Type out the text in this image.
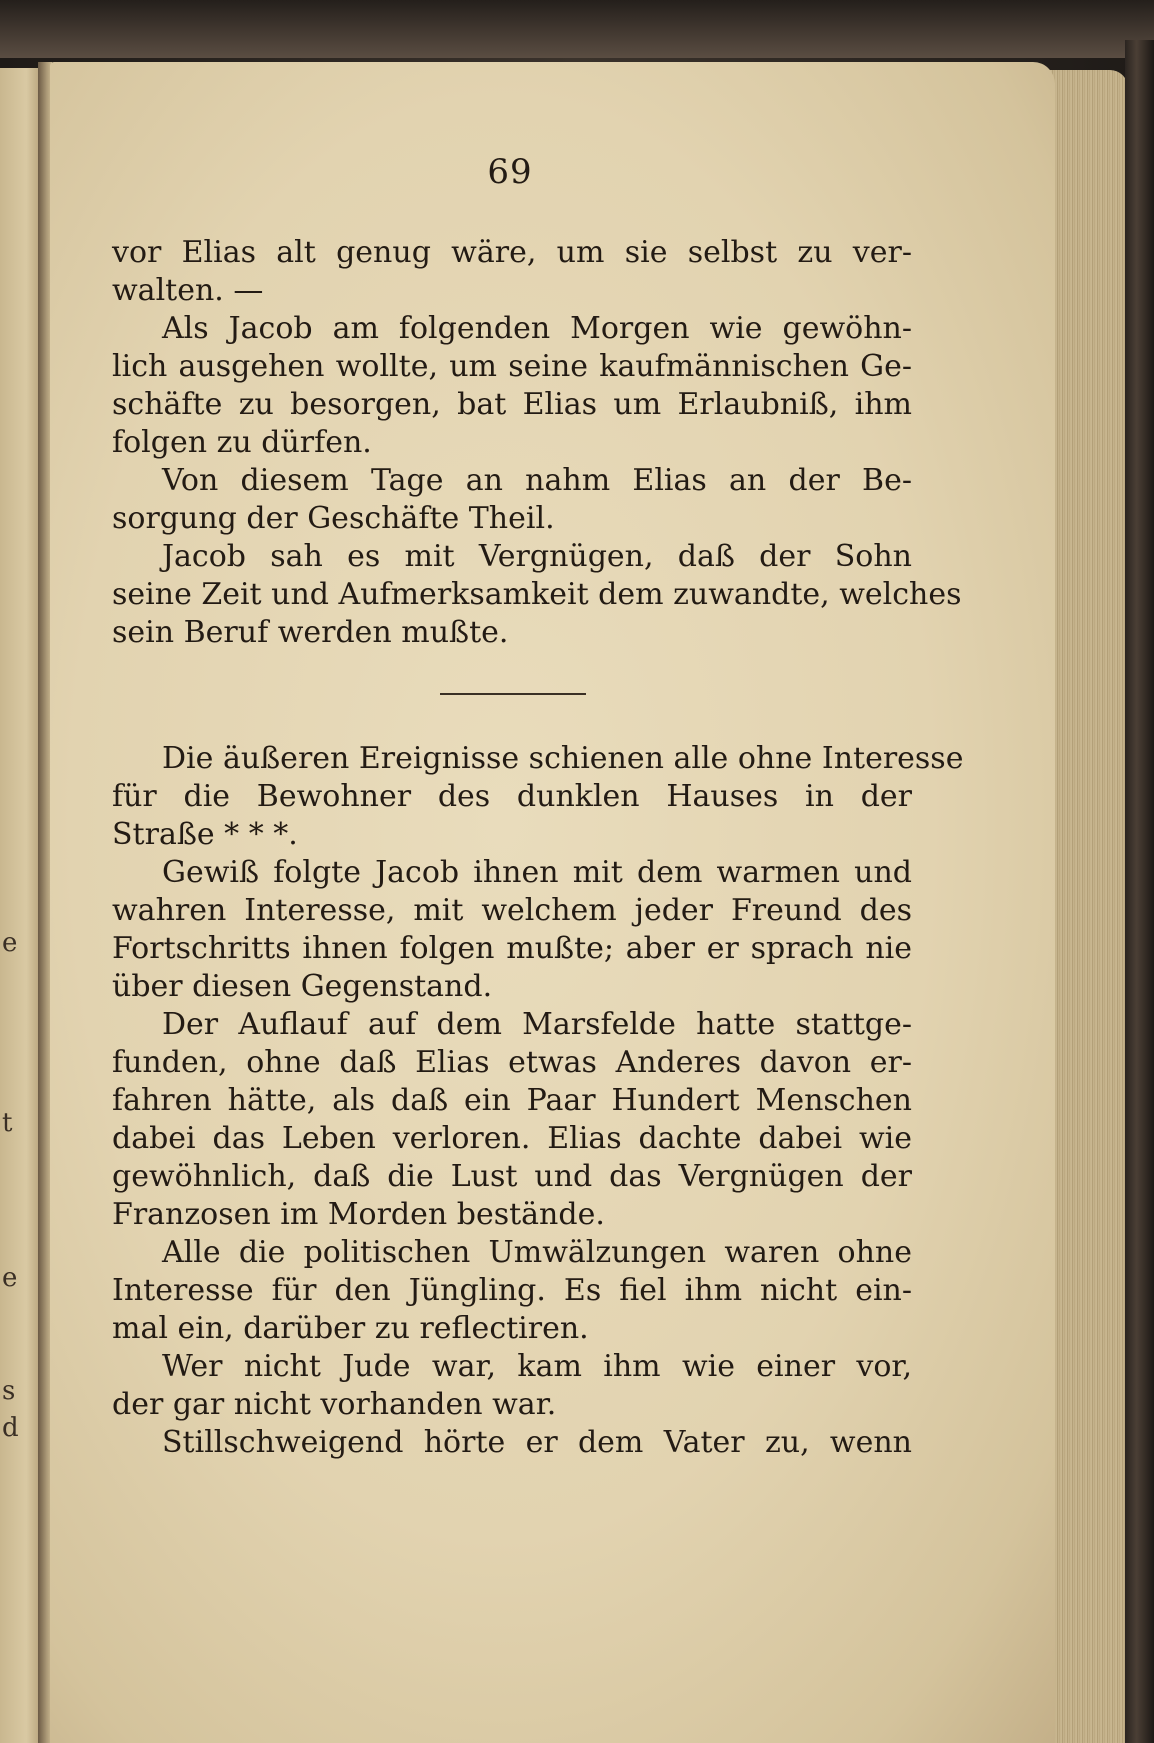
e
t
e
s
d
69
vor Elias alt genug wäre, um sie selbst zu ver-
walten. —
Als Jacob am folgenden Morgen wie gewöhn-
lich ausgehen wollte, um seine kaufmännischen Ge-
schäfte zu besorgen, bat Elias um Erlaubniß, ihm
folgen zu dürfen.
Von diesem Tage an nahm Elias an der Be-
sorgung der Geschäfte Theil.
Jacob sah es mit Vergnügen, daß der Sohn
seine Zeit und Aufmerksamkeit dem zuwandte, welches
sein Beruf werden mußte.
Die äußeren Ereignisse schienen alle ohne Interesse
für die Bewohner des dunklen Hauses in der
Straße * * *.
Gewiß folgte Jacob ihnen mit dem warmen und
wahren Interesse, mit welchem jeder Freund des
Fortschritts ihnen folgen mußte; aber er sprach nie
über diesen Gegenstand.
Der Auflauf auf dem Marsfelde hatte stattge-
funden, ohne daß Elias etwas Anderes davon er-
fahren hätte, als daß ein Paar Hundert Menschen
dabei das Leben verloren. Elias dachte dabei wie
gewöhnlich, daß die Lust und das Vergnügen der
Franzosen im Morden bestände.
Alle die politischen Umwälzungen waren ohne
Interesse für den Jüngling. Es fiel ihm nicht ein-
mal ein, darüber zu reflectiren.
Wer nicht Jude war, kam ihm wie einer vor,
der gar nicht vorhanden war.
Stillschweigend hörte er dem Vater zu, wenn
